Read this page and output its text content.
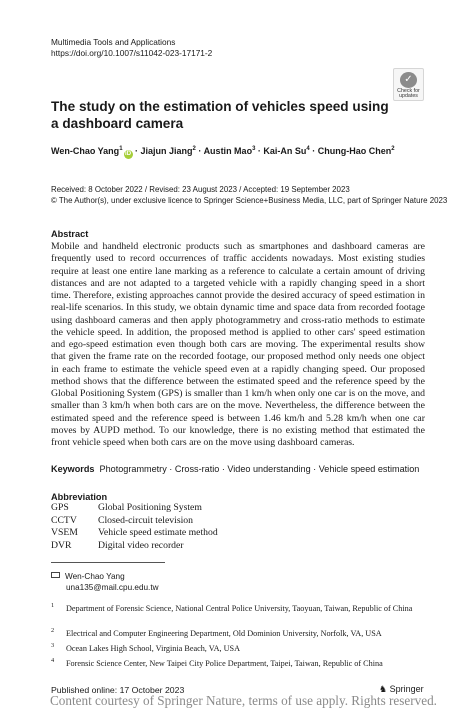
Multimedia Tools and Applications
https://doi.org/10.1007/s11042-023-17171-2
✓
Check for
updates
The study on the estimation of vehicles speed using a dashboard camera
Wen-Chao Yang$^1$iD · Jiajun Jiang$^2$ · Austin Mao$^3$ · Kai-An $Su^4$ · Chung-Hao Chen$^2$
Received: 8 October 2022 / Revised: 23 August 2023 / Accepted: 19 September 2023
© The Author(s), under exclusive licence to Springer Science+Business Media, LLC, part of Springer Nature 2023
Abstract
Mobile and handheld electronic products such as smartphones and dashboard cameras are frequently used to record occurrences of traffic accidents nowadays. Most existing studies require at least one entire lane marking as a reference to calculate a certain amount of driving distances and are not adapted to a targeted vehicle with a rapidly changing speed in a short time. Therefore, existing approaches cannot provide the desired accuracy of speed estimation in real-life scenarios. In this study, we obtain dynamic time and space data from recorded footage using dashboard cameras and then apply photogrammetry and cross-ratio methods to estimate the vehicle speed. In addition, the proposed method is applied to other cars' speed estimation and ego-speed estimation even though both cars are moving. The experimental results show that given the frame rate on the recorded footage, our proposed method only needs one object in each frame to estimate the vehicle speed even at a rapidly changing speed. Our proposed method shows that the difference between the estimated speed and the reference speed by the Global Positioning System (GPS) is smaller than 1 km/h when only one car is on the move, and smaller than 3 km/h when both cars are on the move. Nevertheless, the difference between the estimated speed and the reference speed is between 1.46 km/h and 5.28 km/h when one car moves by AUPD method. To our knowledge, there is no existing method that estimated the front vehicle speed when both cars are on the move using dashboard cameras.
Keywords Photogrammetry · Cross-ratio · Video understanding · Vehicle speed estimation
Abbreviation
GPS	Global Positioning System
CCTV Closed-circuit television
VSEM Vehicle speed estimate method
DVR	Digital video recorder
Wen-Chao Yang
una135@mail.cpu.edu.tw
1 Department of Forensic Science, National Central Police University, Taoyuan, Taiwan, Republic of China
2 Electrical and Computer Engineering Department, Old Dominion University, Norfolk, VA, USA
3 Ocean Lakes High School, Virginia Beach, VA, USA
4 Forensic Science Center, New Taipei City Police Department, Taipei, Taiwan, Republic of China
Published online: 17 October 2023	♞ Springer
Content courtesy of Springer Nature, terms of use apply. Rights reserved.
